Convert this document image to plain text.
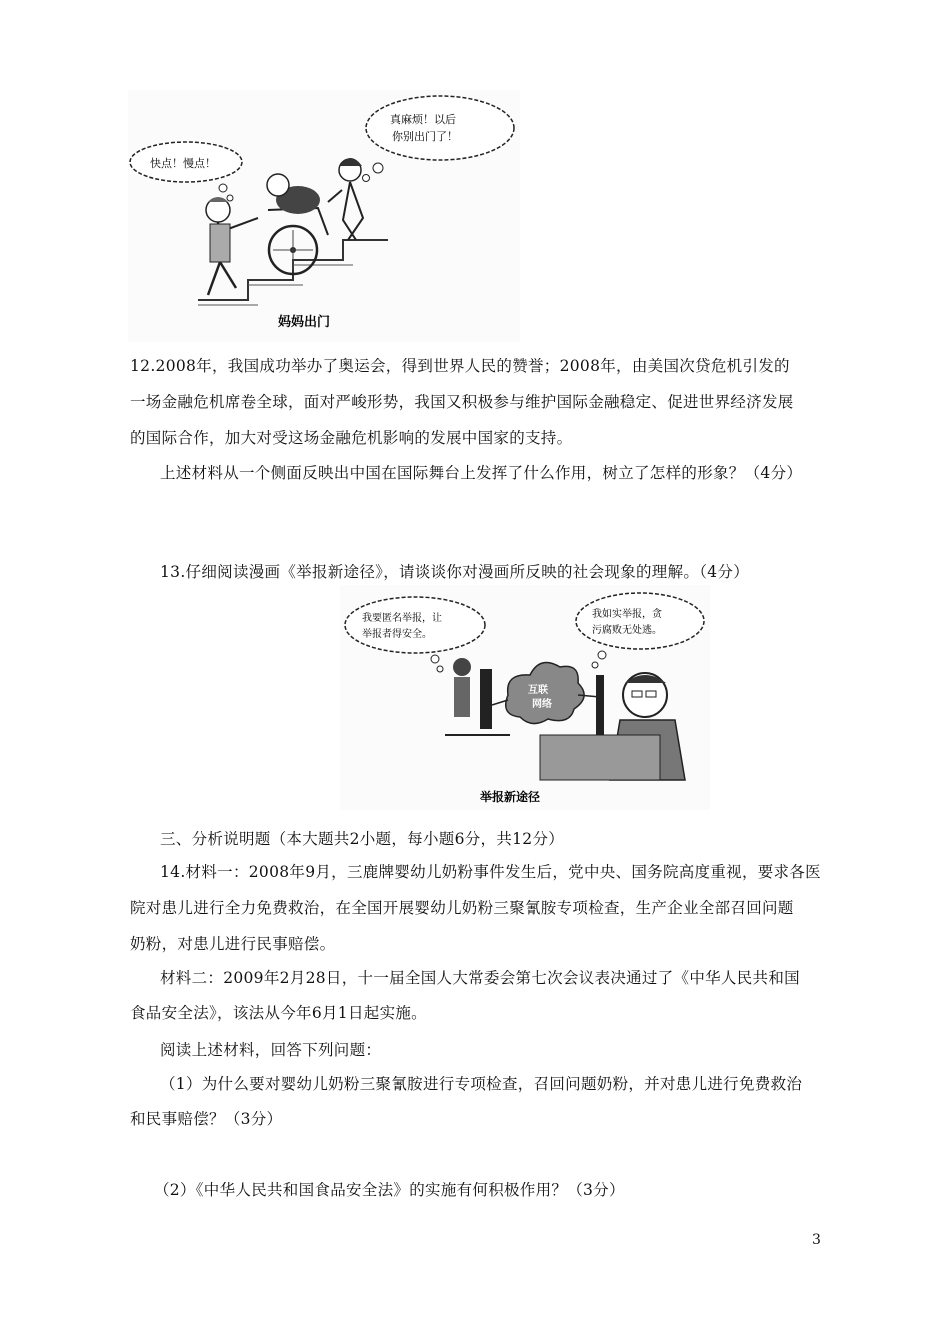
快点！慢点！
真麻烦！以后
你别出门了！
妈妈出门
12.2008年，我国成功举办了奥运会，得到世界人民的赞誉；2008年，由美国次贷危机引发的
一场金融危机席卷全球，面对严峻形势，我国又积极参与维护国际金融稳定、促进世界经济发展
的国际合作，加大对受这场金融危机影响的发展中国家的支持。
上述材料从一个侧面反映出中国在国际舞台上发挥了什么作用，树立了怎样的形象？（4分）
13.仔细阅读漫画《举报新途径》，请谈谈你对漫画所反映的社会现象的理解。（4分）
我要匿名举报，让
举报者得安全。
我如实举报，贪
污腐败无处逃。
互联
网络
举报新途径
三、分析说明题（本大题共2小题，每小题6分，共12分）
14.材料一：2008年9月，三鹿牌婴幼儿奶粉事件发生后，党中央、国务院高度重视，要求各医
院对患儿进行全力免费救治，在全国开展婴幼儿奶粉三聚氰胺专项检查，生产企业全部召回问题
奶粉，对患儿进行民事赔偿。
材料二：2009年2月28日，十一届全国人大常委会第七次会议表决通过了《中华人民共和国
食品安全法》，该法从今年6月1日起实施。
阅读上述材料，回答下列问题：
（1）为什么要对婴幼儿奶粉三聚氰胺进行专项检查，召回问题奶粉，并对患儿进行免费救治
和民事赔偿？（3分）
（2）《中华人民共和国食品安全法》的实施有何积极作用？（3分）
3
